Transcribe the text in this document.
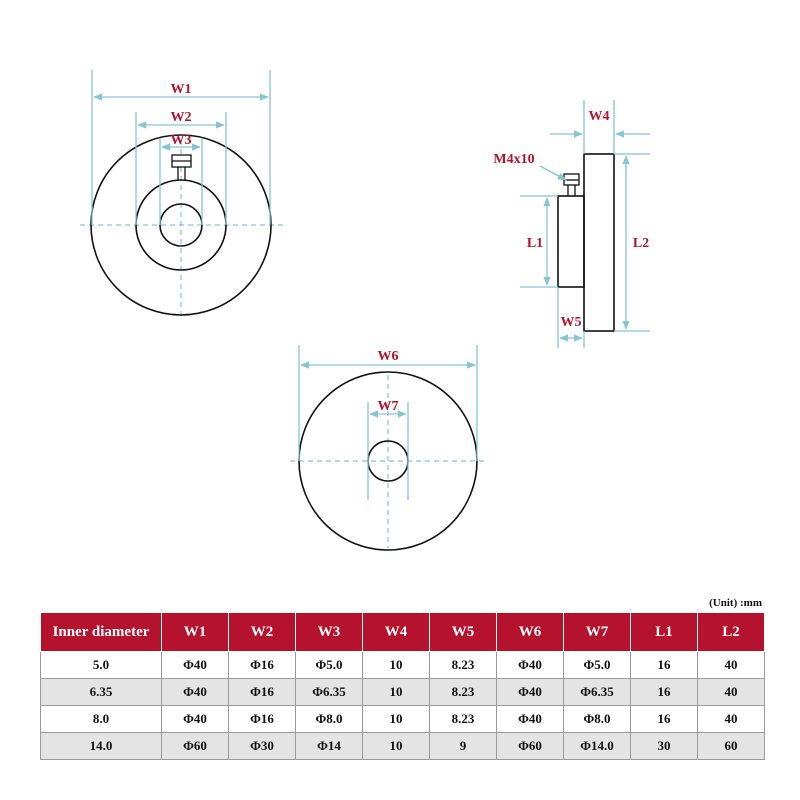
W1
W2
W3
W4
L2
L1
W5
M4x10
W6
W7
(Unit) :mm
Inner diameter	W1	W2	W3	W4	W5	W6	W7	L1	L2
5.0	Φ40	Φ16	Φ5.0	10	8.23	Φ40	Φ5.0	16	40
6.35	Φ40	Φ16	Φ6.35	10	8.23	Φ40	Φ6.35	16	40
8.0	Φ40	Φ16	Φ8.0	10	8.23	Φ40	Φ8.0	16	40
14.0	Φ60	Φ30	Φ14	10	9	Φ60	Φ14.0	30	60
